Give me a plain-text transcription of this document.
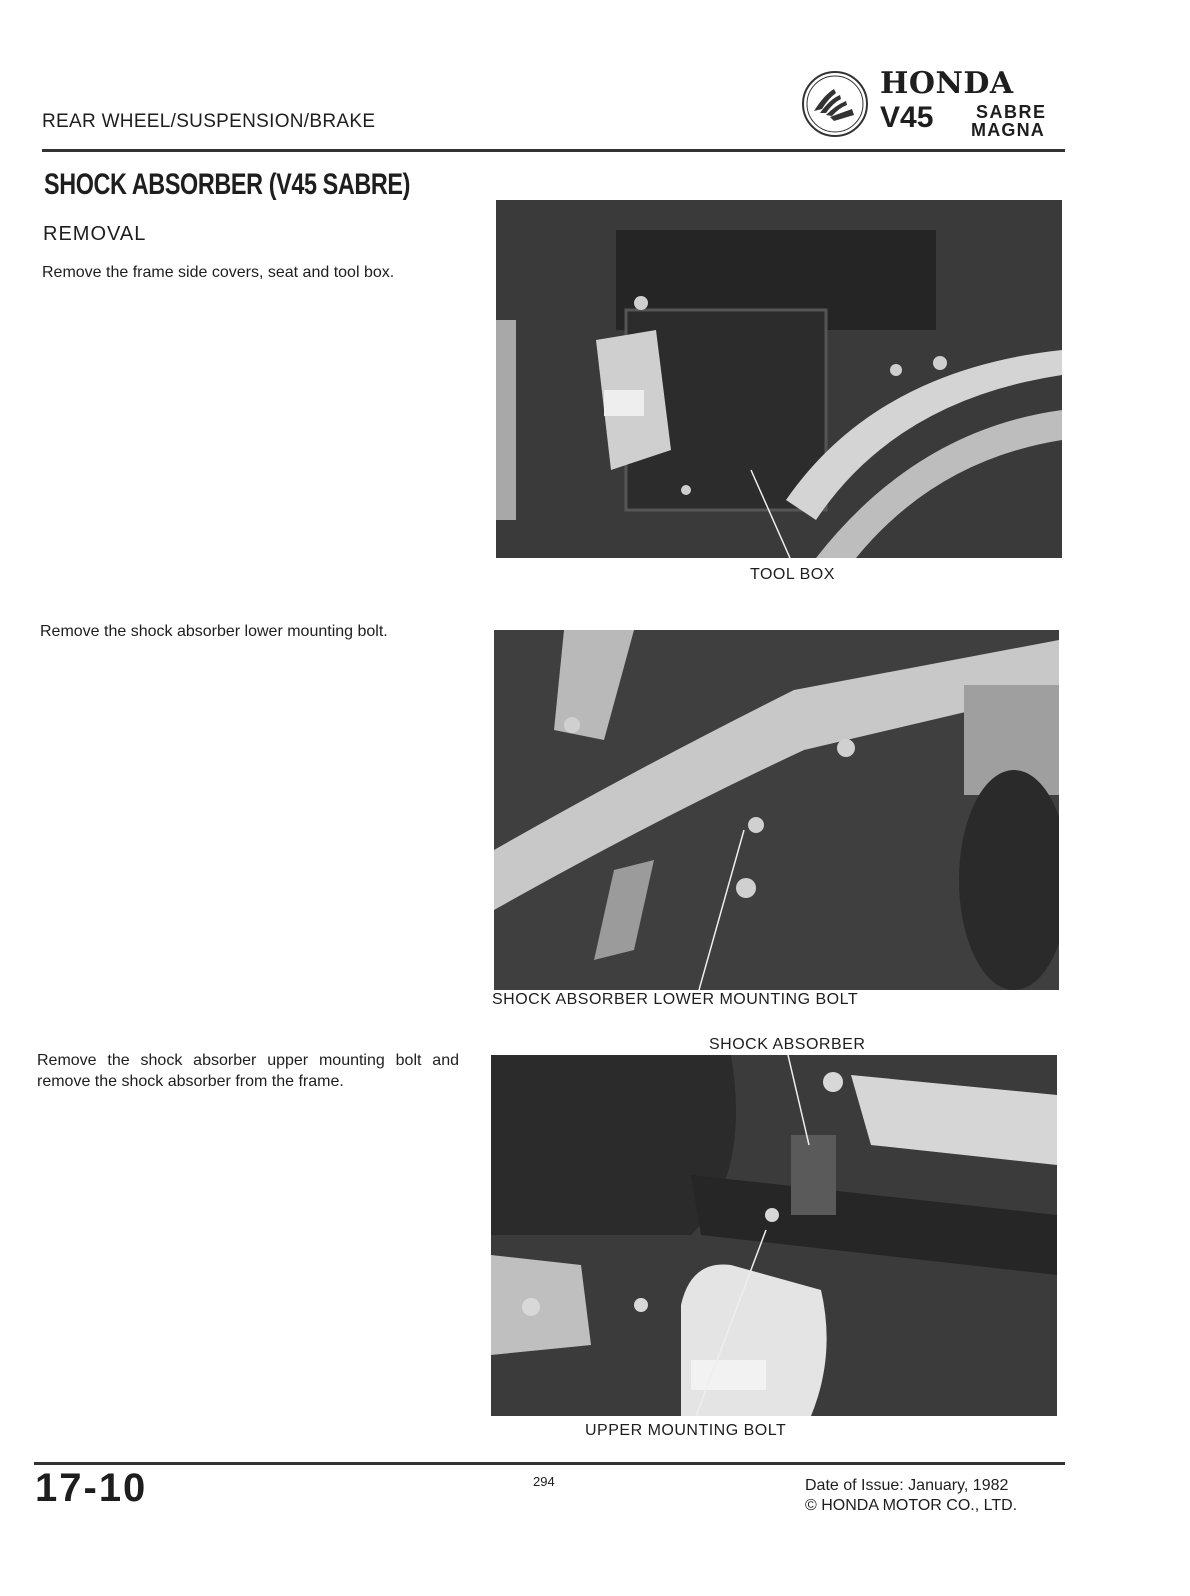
REAR WHEEL/SUSPENSION/BRAKE
HONDA
V45 SABRE
MAGNA
SHOCK ABSORBER (V45 SABRE)
REMOVAL
Remove the frame side covers, seat and tool box.
TOOL BOX
Remove the shock absorber lower mounting bolt.
SHOCK ABSORBER LOWER MOUNTING BOLT
Remove the shock absorber upper mounting bolt and remove the shock absorber from the frame.
SHOCK ABSORBER
UPPER MOUNTING BOLT
17-10	294	Date of Issue: January, 1982
© HONDA MOTOR CO., LTD.
